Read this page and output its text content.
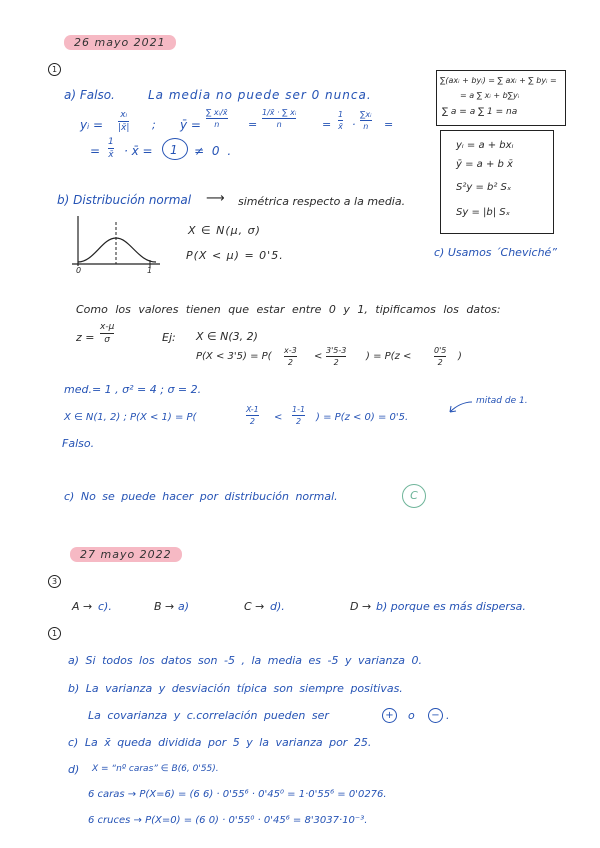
26 mayo 2021
1
a) Falso.	La media no puede ser 0 nunca.
yᵢ =
xᵢ
|x̄| ; ȳ =
∑ xᵢ/x̄
n	=
1/x̄ · ∑ xᵢ
n	=
1
x̄ ·
∑xᵢ
n =
=
1
x̄ · x̄ = 1 ≠ 0 .
∑(axᵢ + byᵢ) = ∑ axᵢ + ∑ byᵢ =
= a ∑ xᵢ + b∑yᵢ
∑ a = a ∑ 1 = na
yᵢ = a + bxᵢ
ȳ = a + b x̄
S²y = b² Sₓ
Sy = |b| Sₓ
b) Distribución normal ⟶ simétrica respecto a la media.
0	1
X ∈ N(μ, σ)
P(X < μ) = 0'5.	c) Usamos ´Cheviché”
Como los valores tienen que estar entre 0 y 1, tipificamos los datos:
z =
x-μ
σ	Ej: X ∈ N(3, 2)
P(X < 3'5) = P(
x-3
2
<
3'5-3
2
) = P(z <
0'5
2
)
med.= 1 , σ² = 4 ; σ = 2.
X ∈ N(1, 2) ; P(X < 1) = P(
X-1
2 <
1-1
2 ) = P(z < 0) = 0'5.
mitad de 1.
Falso.
c) No se puede hacer por distribución normal.	C
27 mayo 2022
3
A → c).	B → a)	C → d).	D → b) porque es más dispersa.
1
a) Si todos los datos son -5 , la media es -5 y varianza 0.
b) La varianza y desviación típica son siempre positivas.
La covarianza y c.correlación pueden ser	+	o	− .
c) La x̄ queda dividida por 5 y la varianza por 25.
d) X = “nº caras” ∈ B(6, 0'55).
6 caras → P(X=6) = (6 6) · 0'55⁶ · 0'45⁰ = 1·0'55⁶ = 0'0276.
6 cruces → P(X=0) = (6 0) · 0'55⁰ · 0'45⁶ = 8'3037·10⁻³.
